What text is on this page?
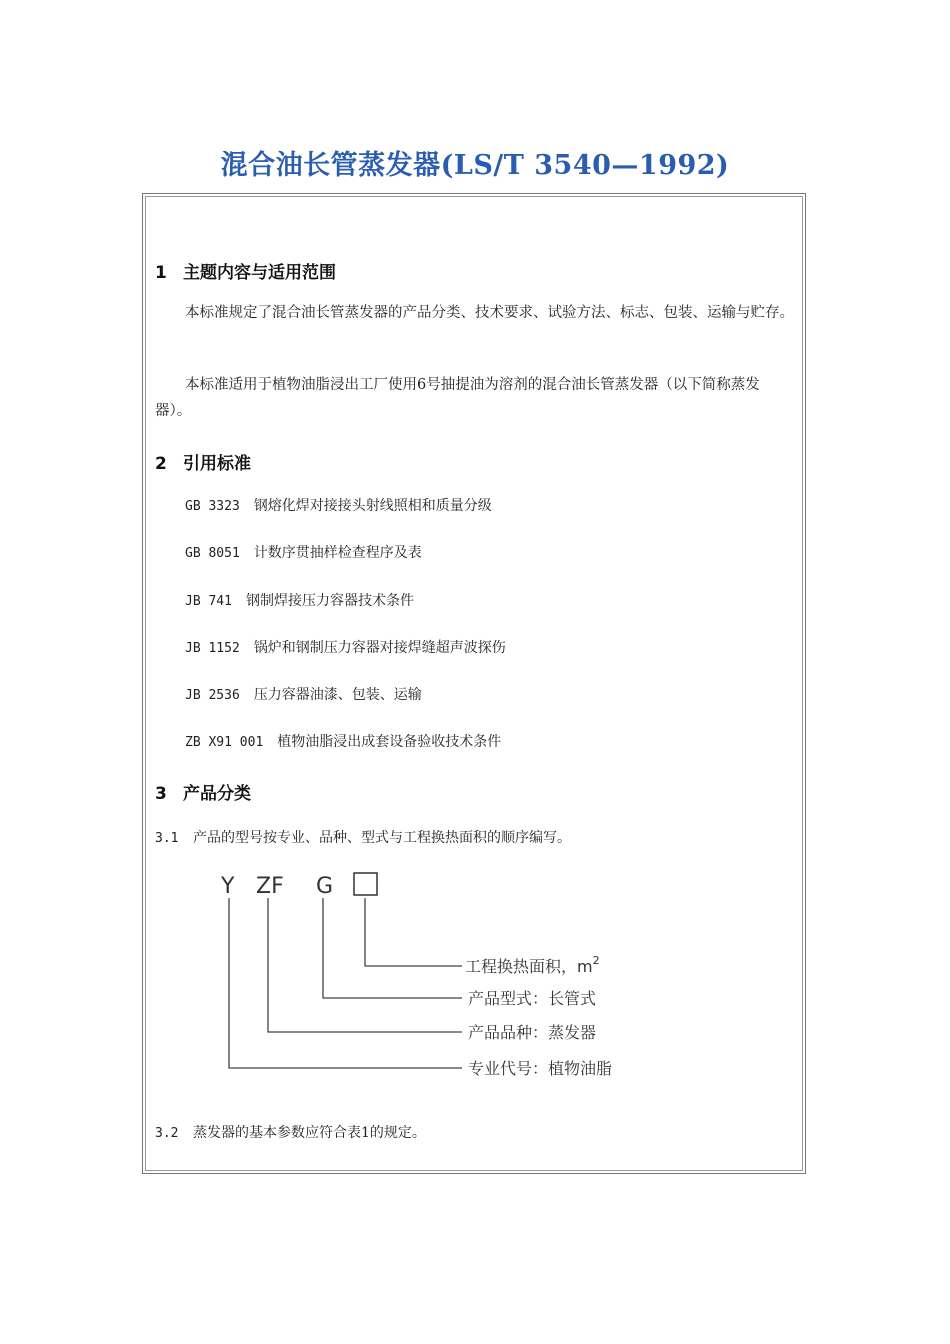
混合油长管蒸发器(LS/T 3540—1992)
1 主题内容与适用范围

本标准规定了混合油长管蒸发器的产品分类、技术要求、试验方法、标志、包装、运输与贮存。

本标准适用于植物油脂浸出工厂使用6号抽提油为溶剂的混合油长管蒸发器（以下简称蒸发器）。

2 引用标准

GB 3323 钢熔化焊对接接头射线照相和质量分级

GB 8051 计数序贯抽样检查程序及表

JB 741 钢制焊接压力容器技术条件

JB 1152 锅炉和钢制压力容器对接焊缝超声波探伤

JB 2536 压力容器油漆、包装、运输

ZB X91 001 植物油脂浸出成套设备验收技术条件

3 产品分类

3.1 产品的型号按专业、品种、型式与工程换热面积的顺序编写。

3.2 蒸发器的基本参数应符合表1的规定。

Y ZF G
工程换热面积，$m^2$
产品型式：长管式
产品品种：蒸发器
专业代号：植物油脂
